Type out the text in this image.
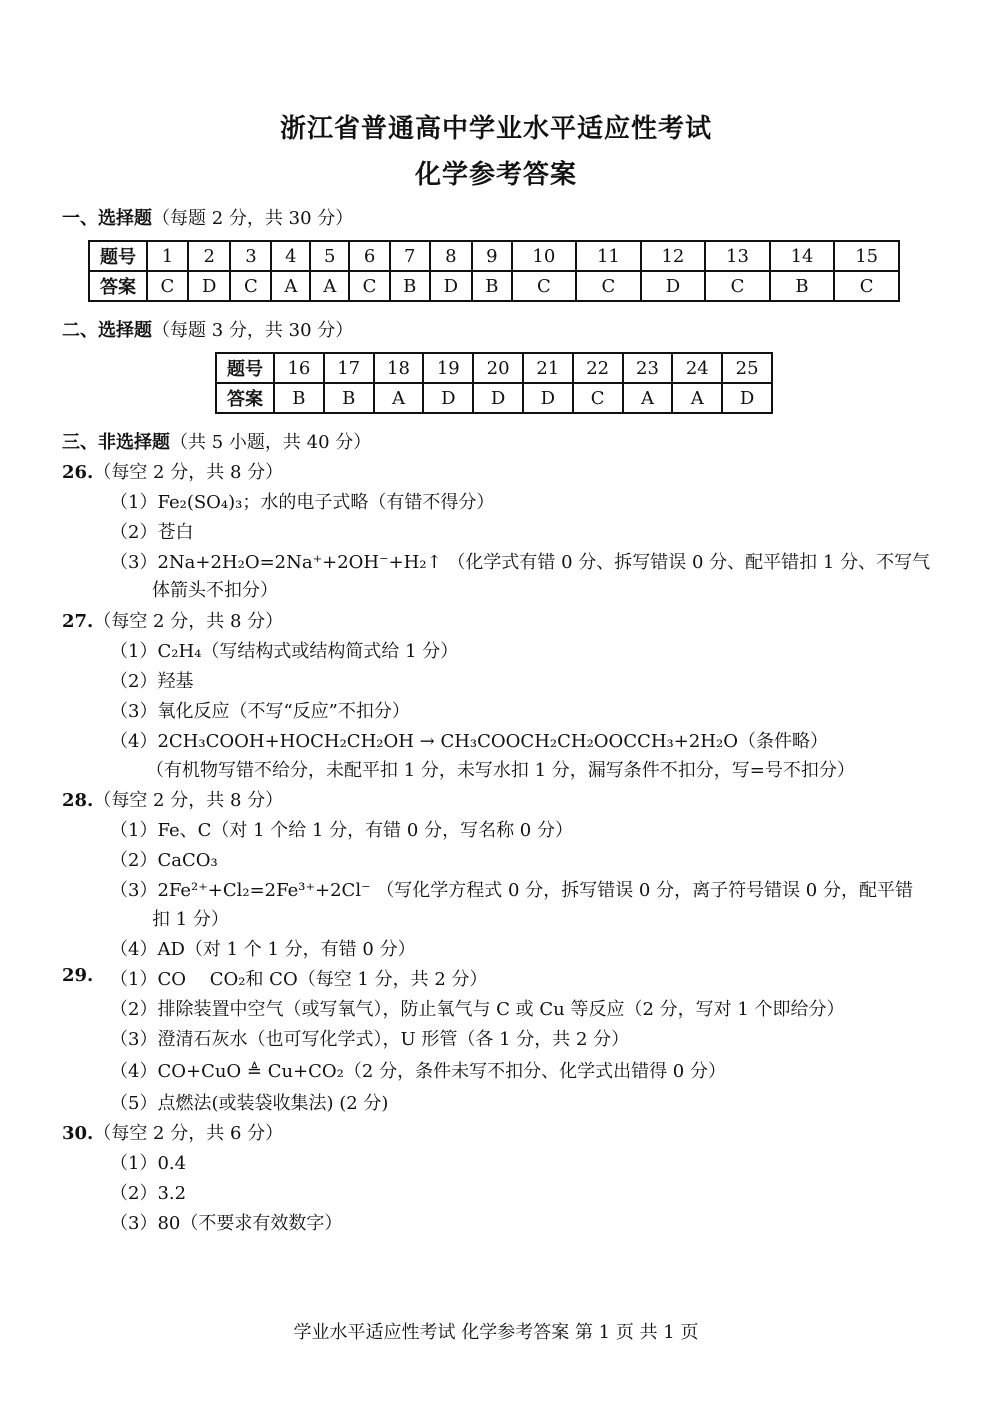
浙江省普通高中学业水平适应性考试
化学参考答案
一、选择题（每题 2 分，共 30 分）
题号	1	2	3	4	5	6	7	8	9	10	11	12	13	14	15
答案	C	D	C	A	A	C	B	D	B	C	C	D	C	B	C
二、选择题（每题 3 分，共 30 分）
题号	16	17	18	19	20	21	22	23	24	25
答案	B	B	A	D	D	D	C	A	A	D
三、非选择题（共 5 小题，共 40 分）
26.（每空 2 分，共 8 分）
（1）Fe₂(SO₄)₃；水的电子式略（有错不得分）
（2）苍白
（3）2Na+2H₂O=2Na⁺+2OH⁻+H₂↑ （化学式有错 0 分、拆写错误 0 分、配平错扣 1 分、不写气
体箭头不扣分）
27.（每空 2 分，共 8 分）
（1）C₂H₄（写结构式或结构简式给 1 分）
（2）羟基
（3）氧化反应（不写“反应”不扣分）
（4）2CH₃COOH+HOCH₂CH₂OH → CH₃COOCH₂CH₂OOCCH₃+2H₂O（条件略）
（有机物写错不给分，未配平扣 1 分，未写水扣 1 分，漏写条件不扣分，写=号不扣分）
28.（每空 2 分，共 8 分）
（1）Fe、C（对 1 个给 1 分，有错 0 分，写名称 0 分）
（2）CaCO₃
（3）2Fe²⁺+Cl₂=2Fe³⁺+2Cl⁻ （写化学方程式 0 分，拆写错误 0 分，离子符号错误 0 分，配平错
扣 1 分）
（4）AD（对 1 个 1 分，有错 0 分）
29. （1）CO　 CO₂和 CO（每空 1 分，共 2 分）
（2）排除装置中空气（或写氧气），防止氧气与 C 或 Cu 等反应（2 分，写对 1 个即给分）
（3）澄清石灰水（也可写化学式），U 形管（各 1 分，共 2 分）
（4）CO+CuO ≜ Cu+CO₂（2 分，条件未写不扣分、化学式出错得 0 分）
（5）点燃法(或装袋收集法) (2 分)
30.（每空 2 分，共 6 分）
（1）0.4
（2）3.2
（3）80（不要求有效数字）
学业水平适应性考试 化学参考答案 第 1 页 共 1 页
